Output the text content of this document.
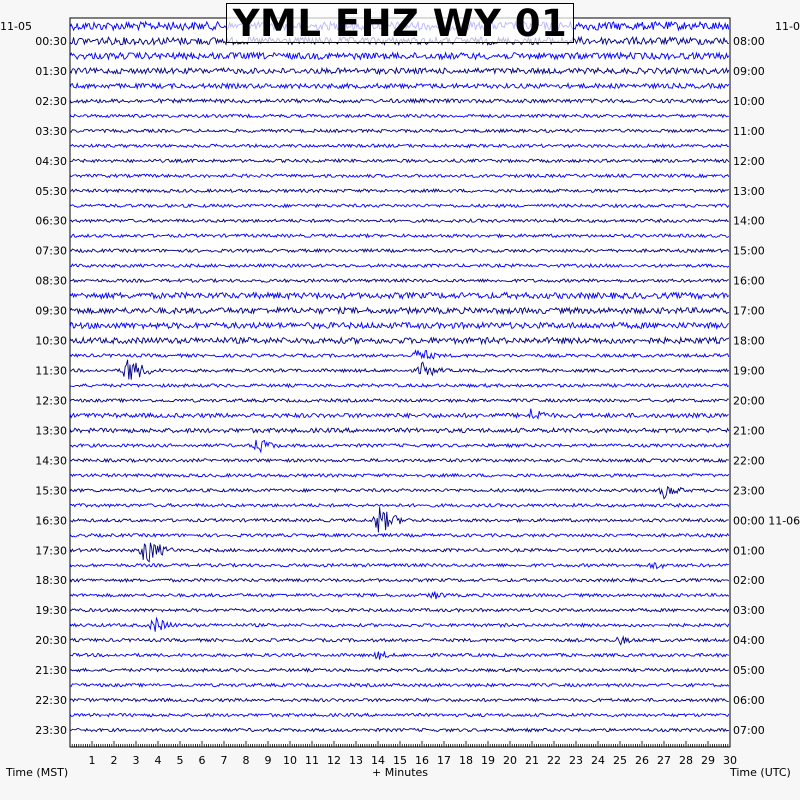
1 2 3 4 5 6 7 8 9 10 11 12 13 14 15 16 17 18 19 20 21 22 23 24 25 26 27 28 29 30
00:30
01:30
02:30
03:30
04:30
05:30
06:30
07:30
08:30
09:30
10:30
11:30
12:30
13:30
14:30
15:30
16:30
17:30
18:30
19:30
20:30
21:30
22:30
23:30
08:00
09:00
10:00
11:00
12:00
13:00
14:00
15:00
16:00
17:00
18:00
19:00
20:00
21:00
22:00
23:00
00:00 11-06
01:00
02:00
03:00
04:00
05:00
06:00
07:00
YML EHZ WY 01
11-05	11-0
Time (MST)	+ Minutes	Time (UTC)
